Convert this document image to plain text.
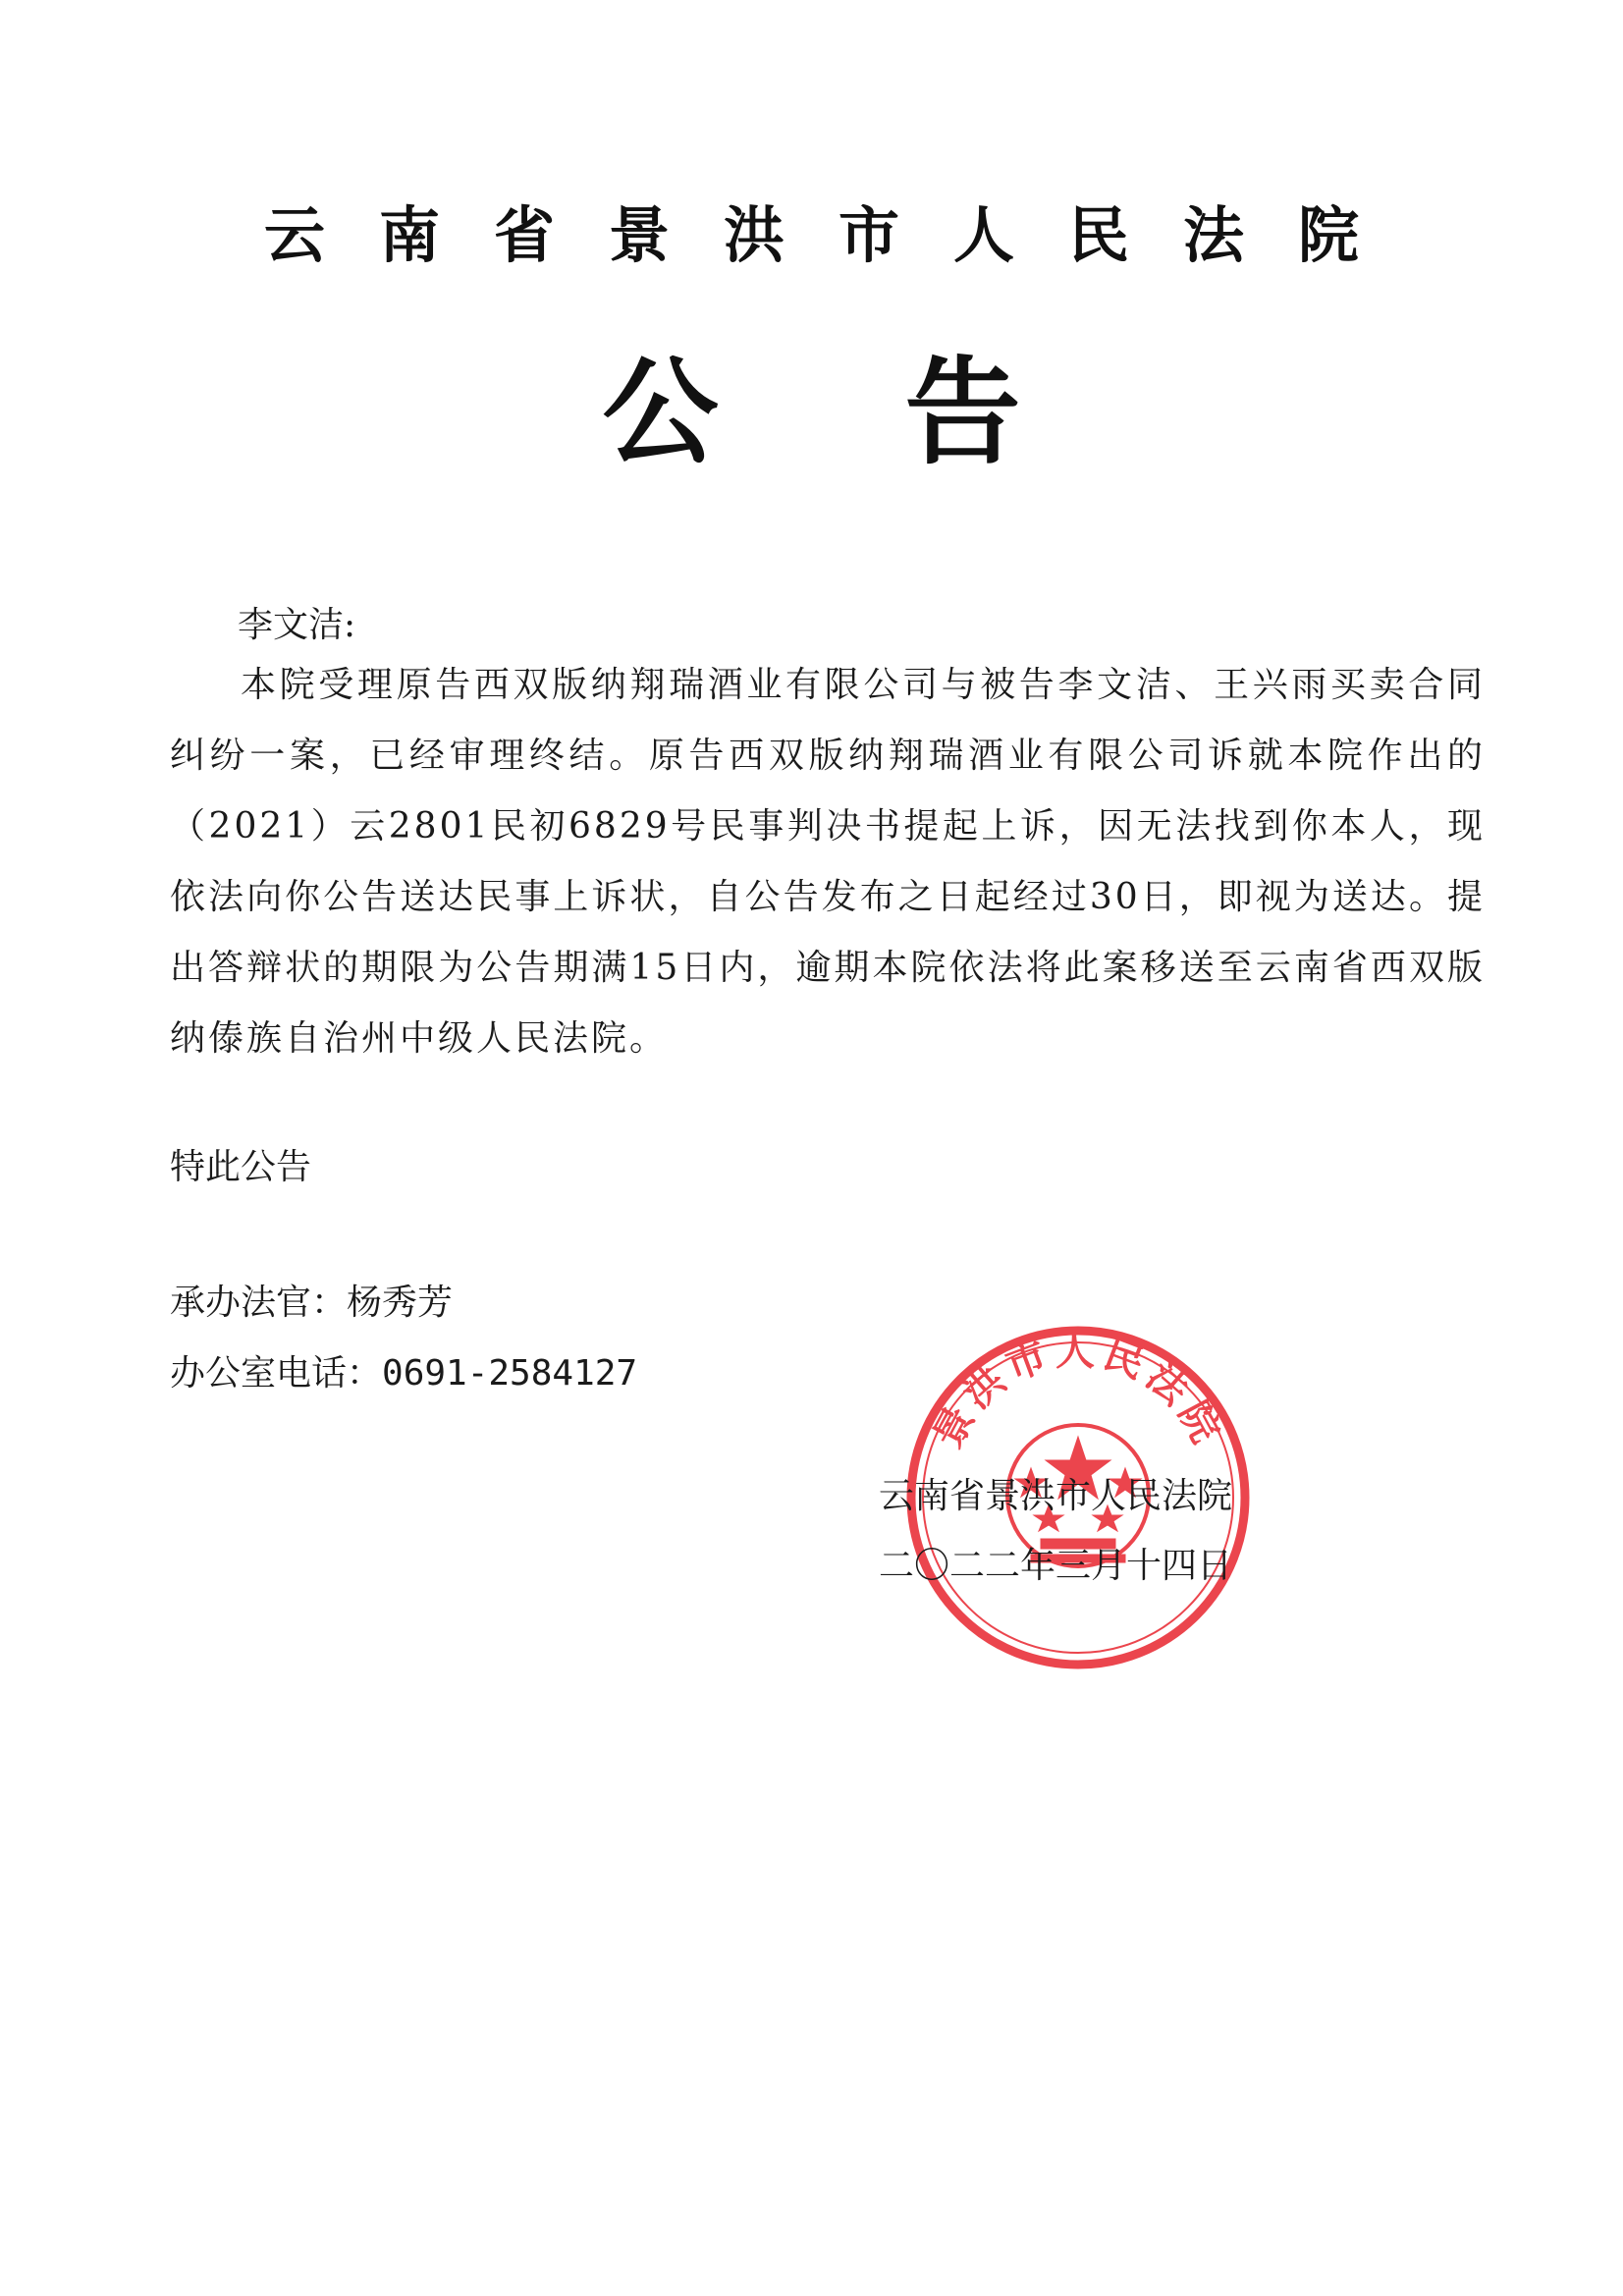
云南省景洪市人民法院
公告
李文洁:
本院受理原告西双版纳翔瑞酒业有限公司与被告李文洁、王兴雨买卖合同纠纷一案，已经审理终结。原告西双版纳翔瑞酒业有限公司诉就本院作出的（2021）云2801民初6829号民事判决书提起上诉，因无法找到你本人，现依法向你公告送达民事上诉状，自公告发布之日起经过30日，即视为送达。提出答辩状的期限为公告期满15日内，逾期本院依法将此案移送至云南省西双版纳傣族自治州中级人民法院。
特此公告
承办法官：杨秀芳
办公室电话：0691-2584127
景洪市人民法院
云南省景洪市人民法院
二〇二二年三月十四日
